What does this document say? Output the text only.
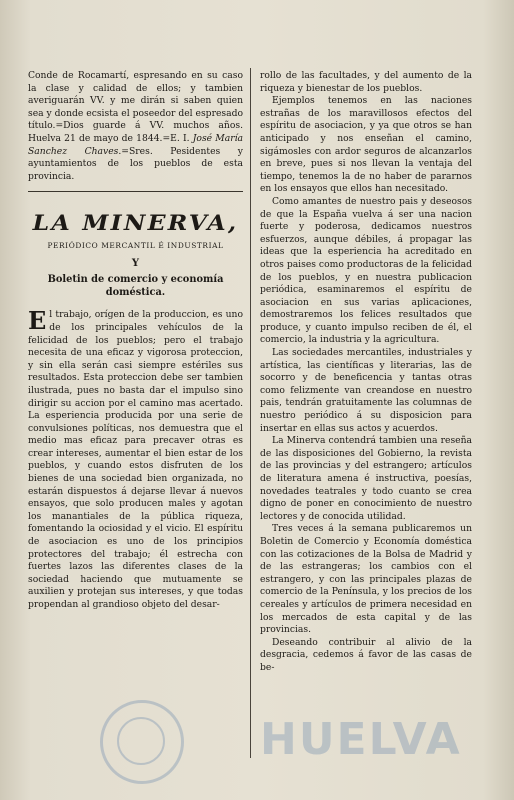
Conde de Rocamartí, espresando en su caso la clase y calidad de ellos; y tambien averiguarán VV. y me dirán si saben quien sea y donde ecsista el poseedor del espresado título.=Dios guarde á VV. muchos años. Huelva 21 de mayo de 1844.=E. I. José María Sanchez Chaves.=Sres. Pesidentes y ayuntamientos de los pueblos de esta provincia.

LA MINERVA,
PERIÓDICO MERCANTIL É INDUSTRIAL
Y
Boletin de comercio y economía doméstica.

El trabajo, orígen de la produccion, es uno de los principales vehículos de la felicidad de los pueblos; pero el trabajo necesita de una eficaz y vigorosa proteccion, y sin ella serán casi siempre estériles sus resultados. Esta proteccion debe ser tambien ilustrada, pues no basta dar el impulso sino dirigir su accion por el camino mas acertado. La esperiencia producida por una serie de convulsiones políticas, nos demuestra que el medio mas eficaz para precaver otras es crear intereses, aumentar el bien estar de los pueblos, y cuando estos disfruten de los bienes de una sociedad bien organizada, no estarán dispuestos á dejarse llevar á nuevos ensayos, que solo producen males y agotan los manantiales de la pública riqueza, fomentando la ociosidad y el vicio. El espíritu de asociacion es uno de los principios protectores del trabajo; él estrecha con fuertes lazos las diferentes clases de la sociedad haciendo que mutuamente se auxilien y protejan sus intereses, y que todas propendan al grandioso objeto del desar-

rollo de las facultades, y del aumento de la riqueza y bienestar de los pueblos.

Ejemplos tenemos en las naciones estrañas de los maravillosos efectos del espíritu de asociacion, y ya que otros se han anticipado y nos enseñan el camino, sigámosles con ardor seguros de alcanzarlos en breve, pues si nos llevan la ventaja del tiempo, tenemos la de no haber de pararnos en los ensayos que ellos han necesitado.

Como amantes de nuestro pais y deseosos de que la España vuelva á ser una nacion fuerte y poderosa, dedicamos nuestros esfuerzos, aunque débiles, á propagar las ideas que la esperiencia ha acreditado en otros paises como productoras de la felicidad de los pueblos, y en nuestra publicacion periódica, esaminaremos el espíritu de asociacion en sus varias aplicaciones, demostraremos los felices resultados que produce, y cuanto impulso reciben de él, el comercio, la industria y la agricultura.

Las sociedades mercantiles, industriales y artística, las científicas y literarias, las de socorro y de beneficencia y tantas otras como felizmente van creandose en nuestro pais, tendrán gratuitamente las columnas de nuestro periódico á su disposicion para insertar en ellas sus actos y acuerdos.

La Minerva contendrá tambien una reseña de las disposiciones del Gobierno, la revista de las provincias y del estrangero; artículos de literatura amena é instructiva, poesías, novedades teatrales y todo cuanto se crea digno de poner en conocimiento de nuestro lectores y de conocida utilidad.

Tres veces á la semana publicaremos un Boletin de Comercio y Economía doméstica con las cotizaciones de la Bolsa de Madrid y de las estrangeras; los cambios con el estrangero, y con las principales plazas de comercio de la Península, y los precios de los cereales y artículos de primera necesidad en los mercados de esta capital y de las provincias.

Deseando contribuir al alivio de la desgracia, cedemos á favor de las casas de be-

HUELVA
